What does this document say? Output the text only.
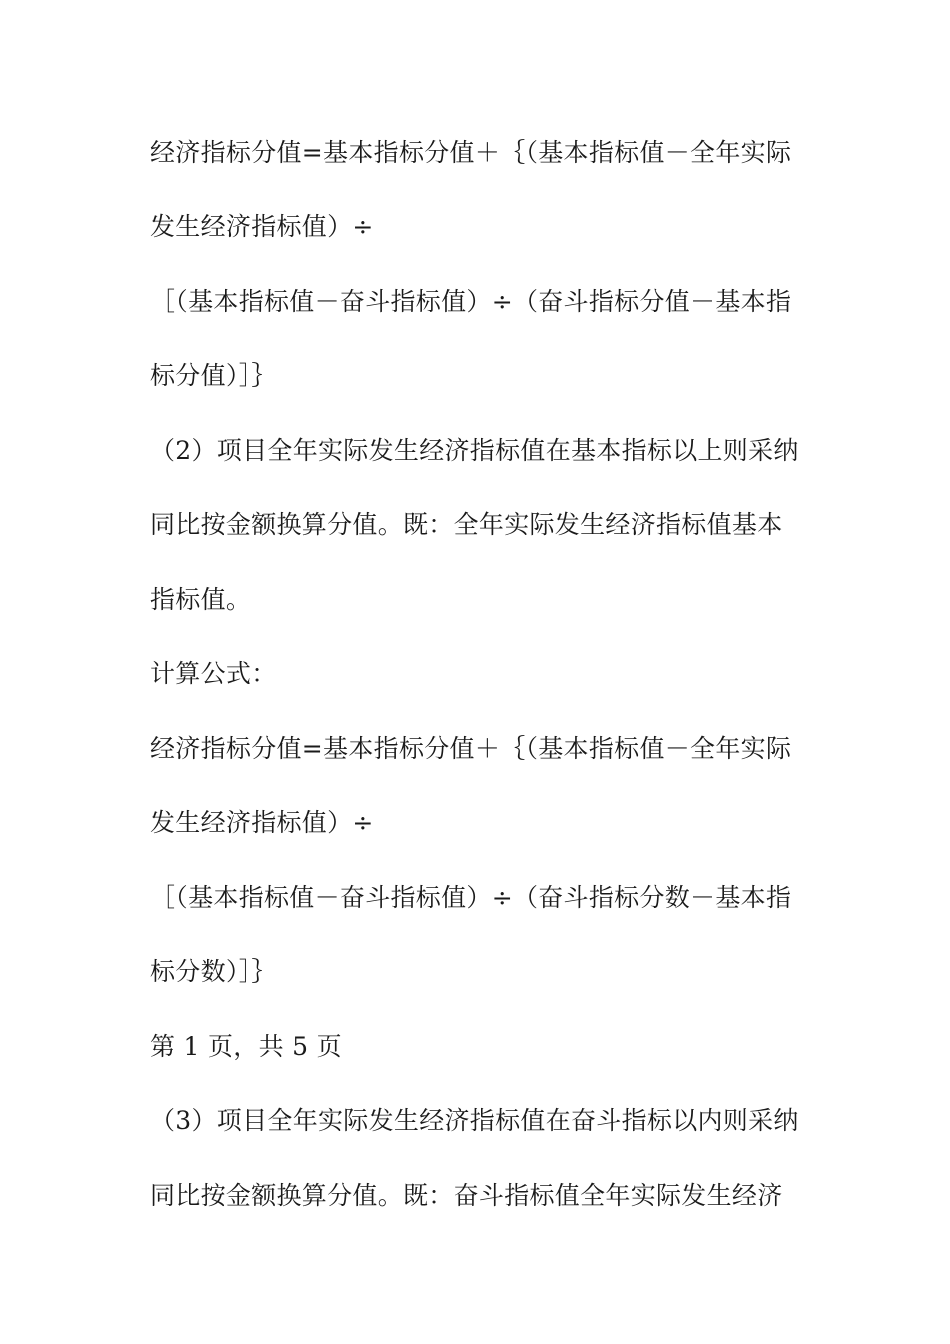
经济指标分值=基本指标分值＋｛（基本指标值－全年实际
发生经济指标值）÷
［（基本指标值－奋斗指标值）÷（奋斗指标分值－基本指
标分值）］｝
（2）项目全年实际发生经济指标值在基本指标以上则采纳
同比按金额换算分值。既：全年实际发生经济指标值基本
指标值。
计算公式：
经济指标分值=基本指标分值＋｛（基本指标值－全年实际
发生经济指标值）÷
［（基本指标值－奋斗指标值）÷（奋斗指标分数－基本指
标分数）］｝
第 1 页，共 5 页
（3）项目全年实际发生经济指标值在奋斗指标以内则采纳
同比按金额换算分值。既：奋斗指标值全年实际发生经济
